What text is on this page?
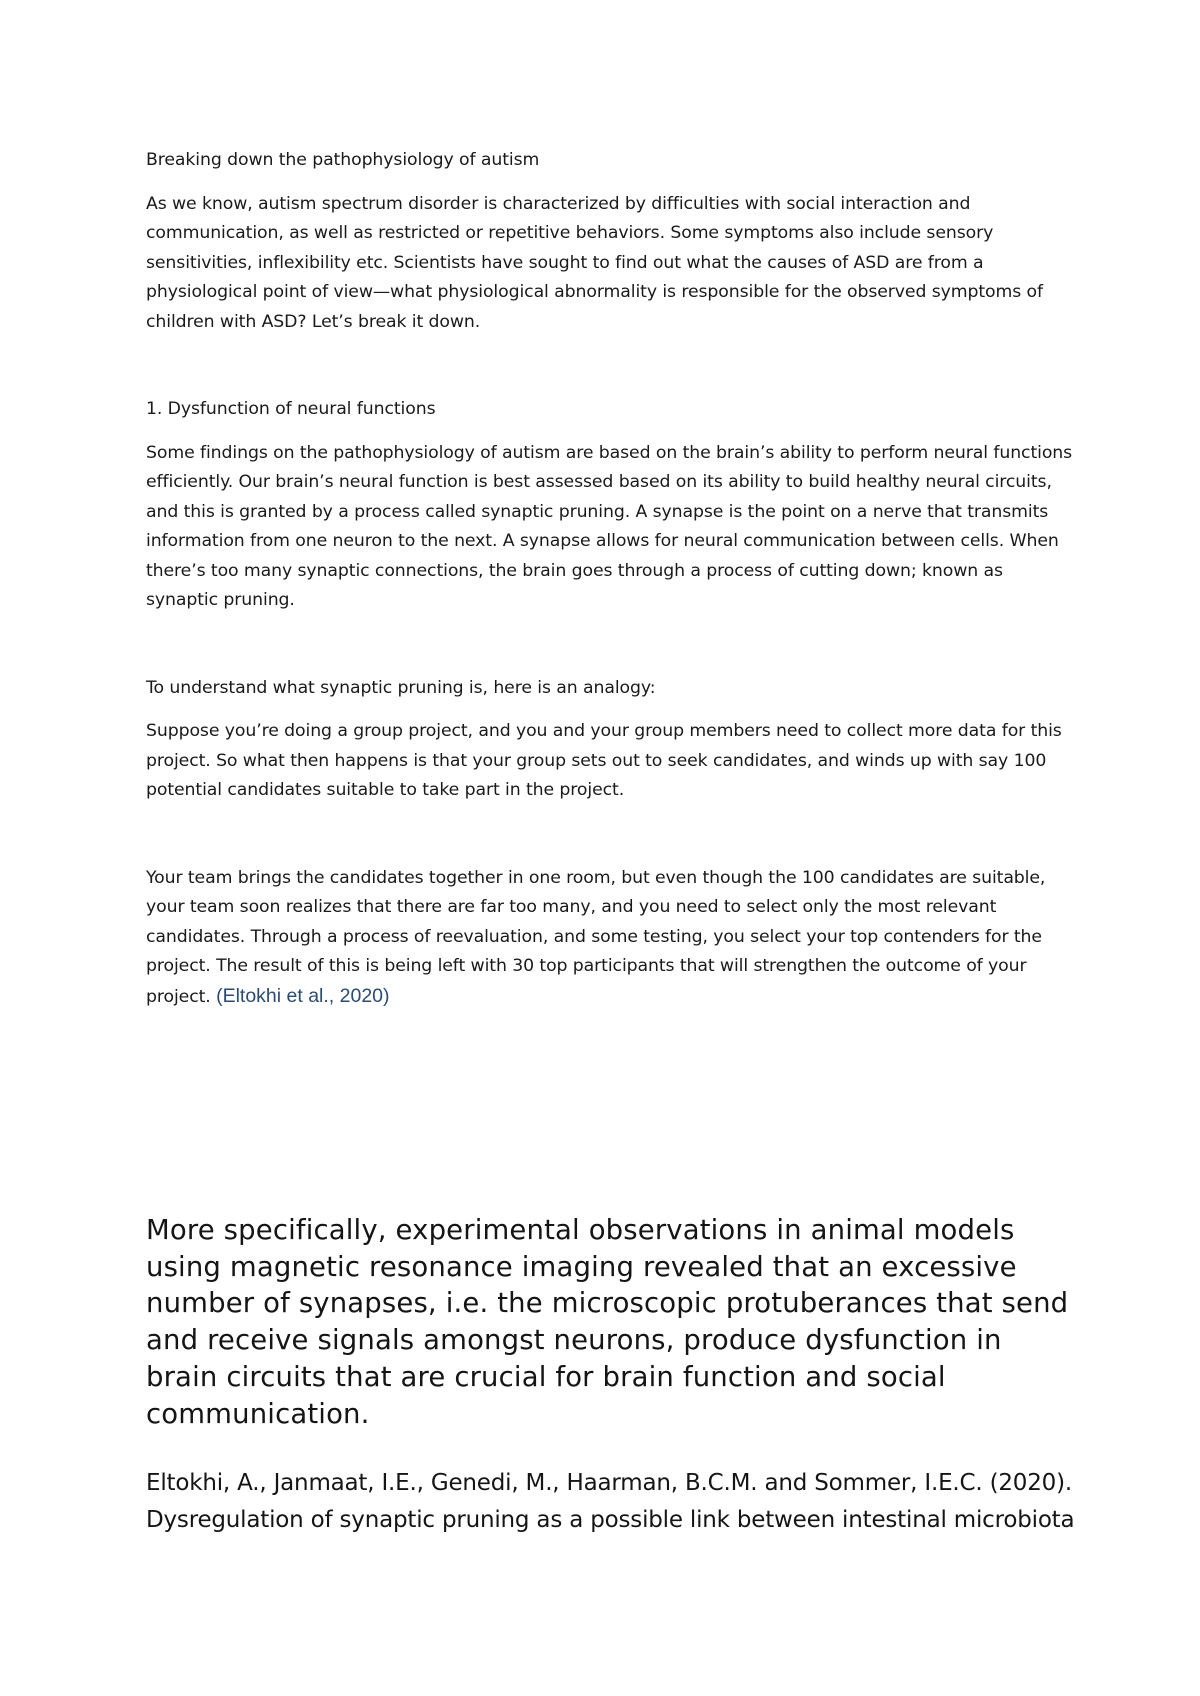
Breaking down the pathophysiology of autism

As we know, autism spectrum disorder is characterized by difficulties with social interaction and communication, as well as restricted or repetitive behaviors. Some symptoms also include sensory sensitivities, inflexibility etc. Scientists have sought to find out what the causes of ASD are from a physiological point of view—what physiological abnormality is responsible for the observed symptoms of children with ASD? Let’s break it down.

1. Dysfunction of neural functions

Some findings on the pathophysiology of autism are based on the brain’s ability to perform neural functions efficiently. Our brain’s neural function is best assessed based on its ability to build healthy neural circuits, and this is granted by a process called synaptic pruning. A synapse is the point on a nerve that transmits information from one neuron to the next. A synapse allows for neural communication between cells. When there’s too many synaptic connections, the brain goes through a process of cutting down; known as synaptic pruning.

To understand what synaptic pruning is, here is an analogy:

Suppose you’re doing a group project, and you and your group members need to collect more data for this project. So what then happens is that your group sets out to seek candidates, and winds up with say 100 potential candidates suitable to take part in the project.

Your team brings the candidates together in one room, but even though the 100 candidates are suitable, your team soon realizes that there are far too many, and you need to select only the most relevant candidates. Through a process of reevaluation, and some testing, you select your top contenders for the project. The result of this is being left with 30 top participants that will strengthen the outcome of your project. (Eltokhi et al., 2020)

More specifically, experimental observations in animal models using magnetic resonance imaging revealed that an excessive number of synapses, i.e. the microscopic protuberances that send and receive signals amongst neurons, produce dysfunction in brain circuits that are crucial for brain function and social communication.

Eltokhi, A., Janmaat, I.E., Genedi, M., Haarman, B.C.M. and Sommer, I.E.C. (2020). Dysregulation of synaptic pruning as a possible link between intestinal microbiota
